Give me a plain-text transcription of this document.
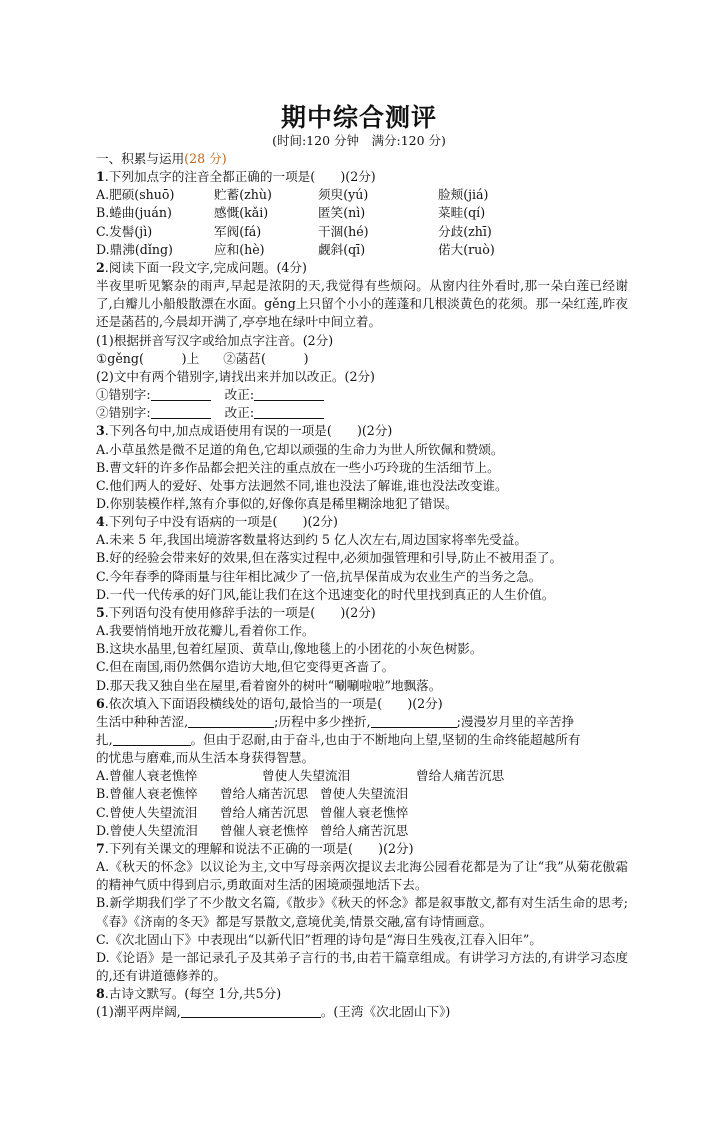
期中综合测评
(时间:120 分钟　满分:120 分)

一、积累与运用(28 分)

1.下列加点字的注音全都正确的一项是(　　)(2分)

A.肥硕(shuō)	贮蓄(zhù)	须臾(yú)	脸颊(jiá)

B.蜷曲(juán)	感慨(kǎi)	匿笑(nì)	菜畦(qí)

C.发髻(jì)	军阀(fá)	干涸(hé)	分歧(zhī)

D.鼎沸(dǐng)	应和(hè)	觑斜(qī)	偌大(ruò)

2.阅读下面一段文字,完成问题。(4分)

半夜里听见繁杂的雨声,早起是浓阴的天,我觉得有些烦闷。从窗内往外看时,那一朵白莲已经谢了,白瓣儿小船般散漂在水面。gěng上只留个小小的莲蓬和几根淡黄色的花须。那一朵红莲,昨夜还是菡萏的,今晨却开满了,亭亭地在绿叶中间立着。

(1)根据拼音写汉字或给加点字注音。(2分)

①gěng(　　　)上 ②菡萏(　　　)

(2)文中有两个错别字,请找出来并加以改正。(2分)

①错别字:	改正:

②错别字:	改正:

3.下列各句中,加点成语使用有误的一项是(　　)(2分)

A.小草虽然是微不足道的角色,它却以顽强的生命力为世人所钦佩和赞颂。

B.曹文轩的许多作品都会把关注的重点放在一些小巧玲珑的生活细节上。

C.他们两人的爱好、处事方法迥然不同,谁也没法了解谁,谁也没法改变谁。

D.你别装模作样,煞有介事似的,好像你真是稀里糊涂地犯了错误。

4.下列句子中没有语病的一项是(　　)(2分)

A.未来 5 年,我国出境游客数量将达到约 5 亿人次左右,周边国家将率先受益。

B.好的经验会带来好的效果,但在落实过程中,必须加强管理和引导,防止不被用歪了。

C.今年春季的降雨量与往年相比减少了一倍,抗旱保苗成为农业生产的当务之急。

D.一代一代传承的好门风,能让我们在这个迅速变化的时代里找到真正的人生价值。

5.下列语句没有使用修辞手法的一项是(　　)(2分)

A.我要悄悄地开放花瓣儿,看着你工作。

B.这块水晶里,包着红屋顶、黄草山,像地毯上的小团花的小灰色树影。

C.但在南国,雨仍然偶尔造访大地,但它变得更吝啬了。

D.那天我又独自坐在屋里,看着窗外的树叶“唰唰啦啦”地飘落。

6.依次填入下面语段横线处的语句,最恰当的一项是(　　)(2分)

生活中种种苦涩,	;历程中多少挫折,	;漫漫岁月里的辛苦挣

扎,	。但由于忍耐,由于奋斗,也由于不断地向上望,坚韧的生命终能超越所有

的忧患与磨难,而从生活本身获得智慧。

A.曾催人衰老憔悴	曾使人失望流泪	曾给人痛苦沉思

B.曾催人衰老憔悴	曾给人痛苦沉思 曾使人失望流泪

C.曾使人失望流泪	曾给人痛苦沉思 曾催人衰老憔悴

D.曾使人失望流泪	曾催人衰老憔悴 曾给人痛苦沉思

7.下列有关课文的理解和说法不正确的一项是(　　)(2分)

A.《秋天的怀念》以议论为主,文中写母亲两次提议去北海公园看花都是为了让“我”从菊花傲霜的精神气质中得到启示,勇敢面对生活的困境顽强地活下去。

B.新学期我们学了不少散文名篇,《散步》《秋天的怀念》都是叙事散文,都有对生活生命的思考;《春》《济南的冬天》都是写景散文,意境优美,情景交融,富有诗情画意。

C.《次北固山下》中表现出“以新代旧”哲理的诗句是“海日生残夜,江春入旧年”。

D.《论语》是一部记录孔子及其弟子言行的书,由若干篇章组成。有讲学习方法的,有讲学习态度的,还有讲道德修养的。

8.古诗文默写。(每空 1分,共5分)

(1)潮平两岸阔,	。(王湾《次北固山下》)
